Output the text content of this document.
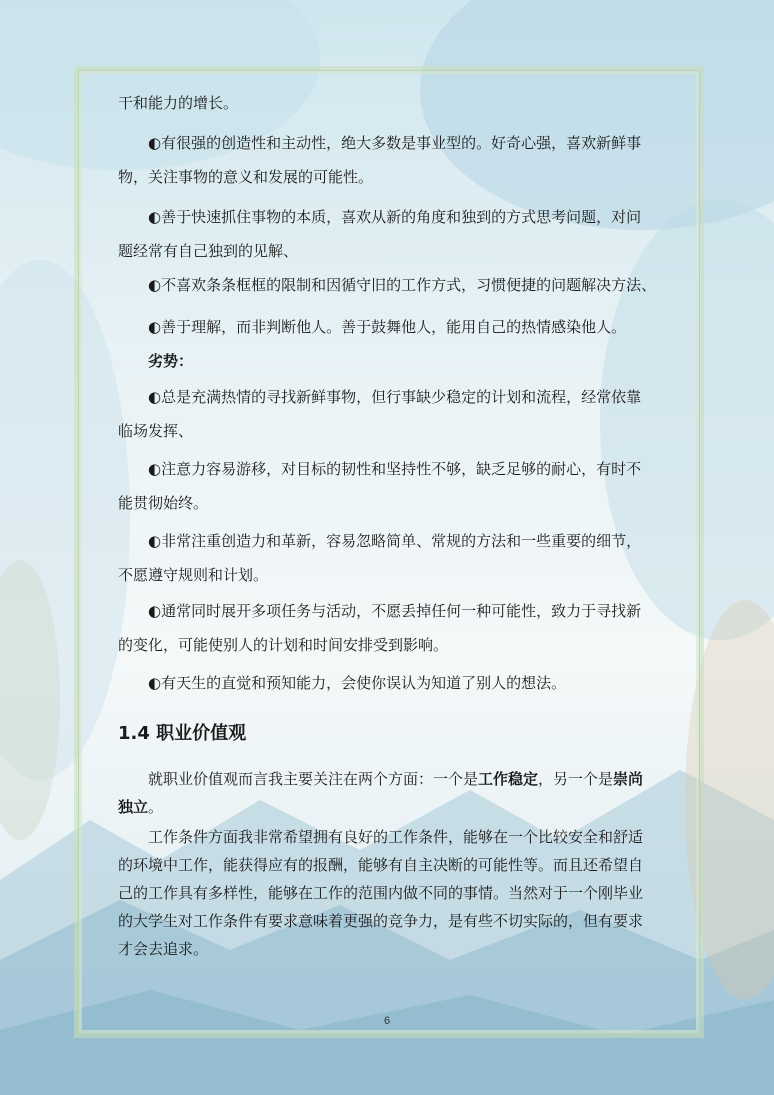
干和能力的增长。
◐有很强的创造性和主动性，绝大多数是事业型的。好奇心强，喜欢新鲜事
物，关注事物的意义和发展的可能性。
◐善于快速抓住事物的本质，喜欢从新的角度和独到的方式思考问题，对问
题经常有自己独到的见解、
◐不喜欢条条框框的限制和因循守旧的工作方式，习惯便捷的问题解决方法、
◐善于理解，而非判断他人。善于鼓舞他人，能用自己的热情感染他人。
劣势：
◐总是充满热情的寻找新鲜事物，但行事缺少稳定的计划和流程，经常依靠
临场发挥、
◐注意力容易游移，对目标的韧性和坚持性不够，缺乏足够的耐心，有时不
能贯彻始终。
◐非常注重创造力和革新，容易忽略简单、常规的方法和一些重要的细节，
不愿遵守规则和计划。
◐通常同时展开多项任务与活动，不愿丢掉任何一种可能性，致力于寻找新
的变化，可能使别人的计划和时间安排受到影响。
◐有天生的直觉和预知能力，会使你误认为知道了别人的想法。
1.4 职业价值观
就职业价值观而言我主要关注在两个方面：一个是工作稳定，另一个是崇尚
独立。
工作条件方面我非常希望拥有良好的工作条件，能够在一个比较安全和舒适
的环境中工作，能获得应有的报酬，能够有自主决断的可能性等。而且还希望自
己的工作具有多样性，能够在工作的范围内做不同的事情。当然对于一个刚毕业
的大学生对工作条件有要求意味着更强的竞争力，是有些不切实际的，但有要求
才会去追求。
6
